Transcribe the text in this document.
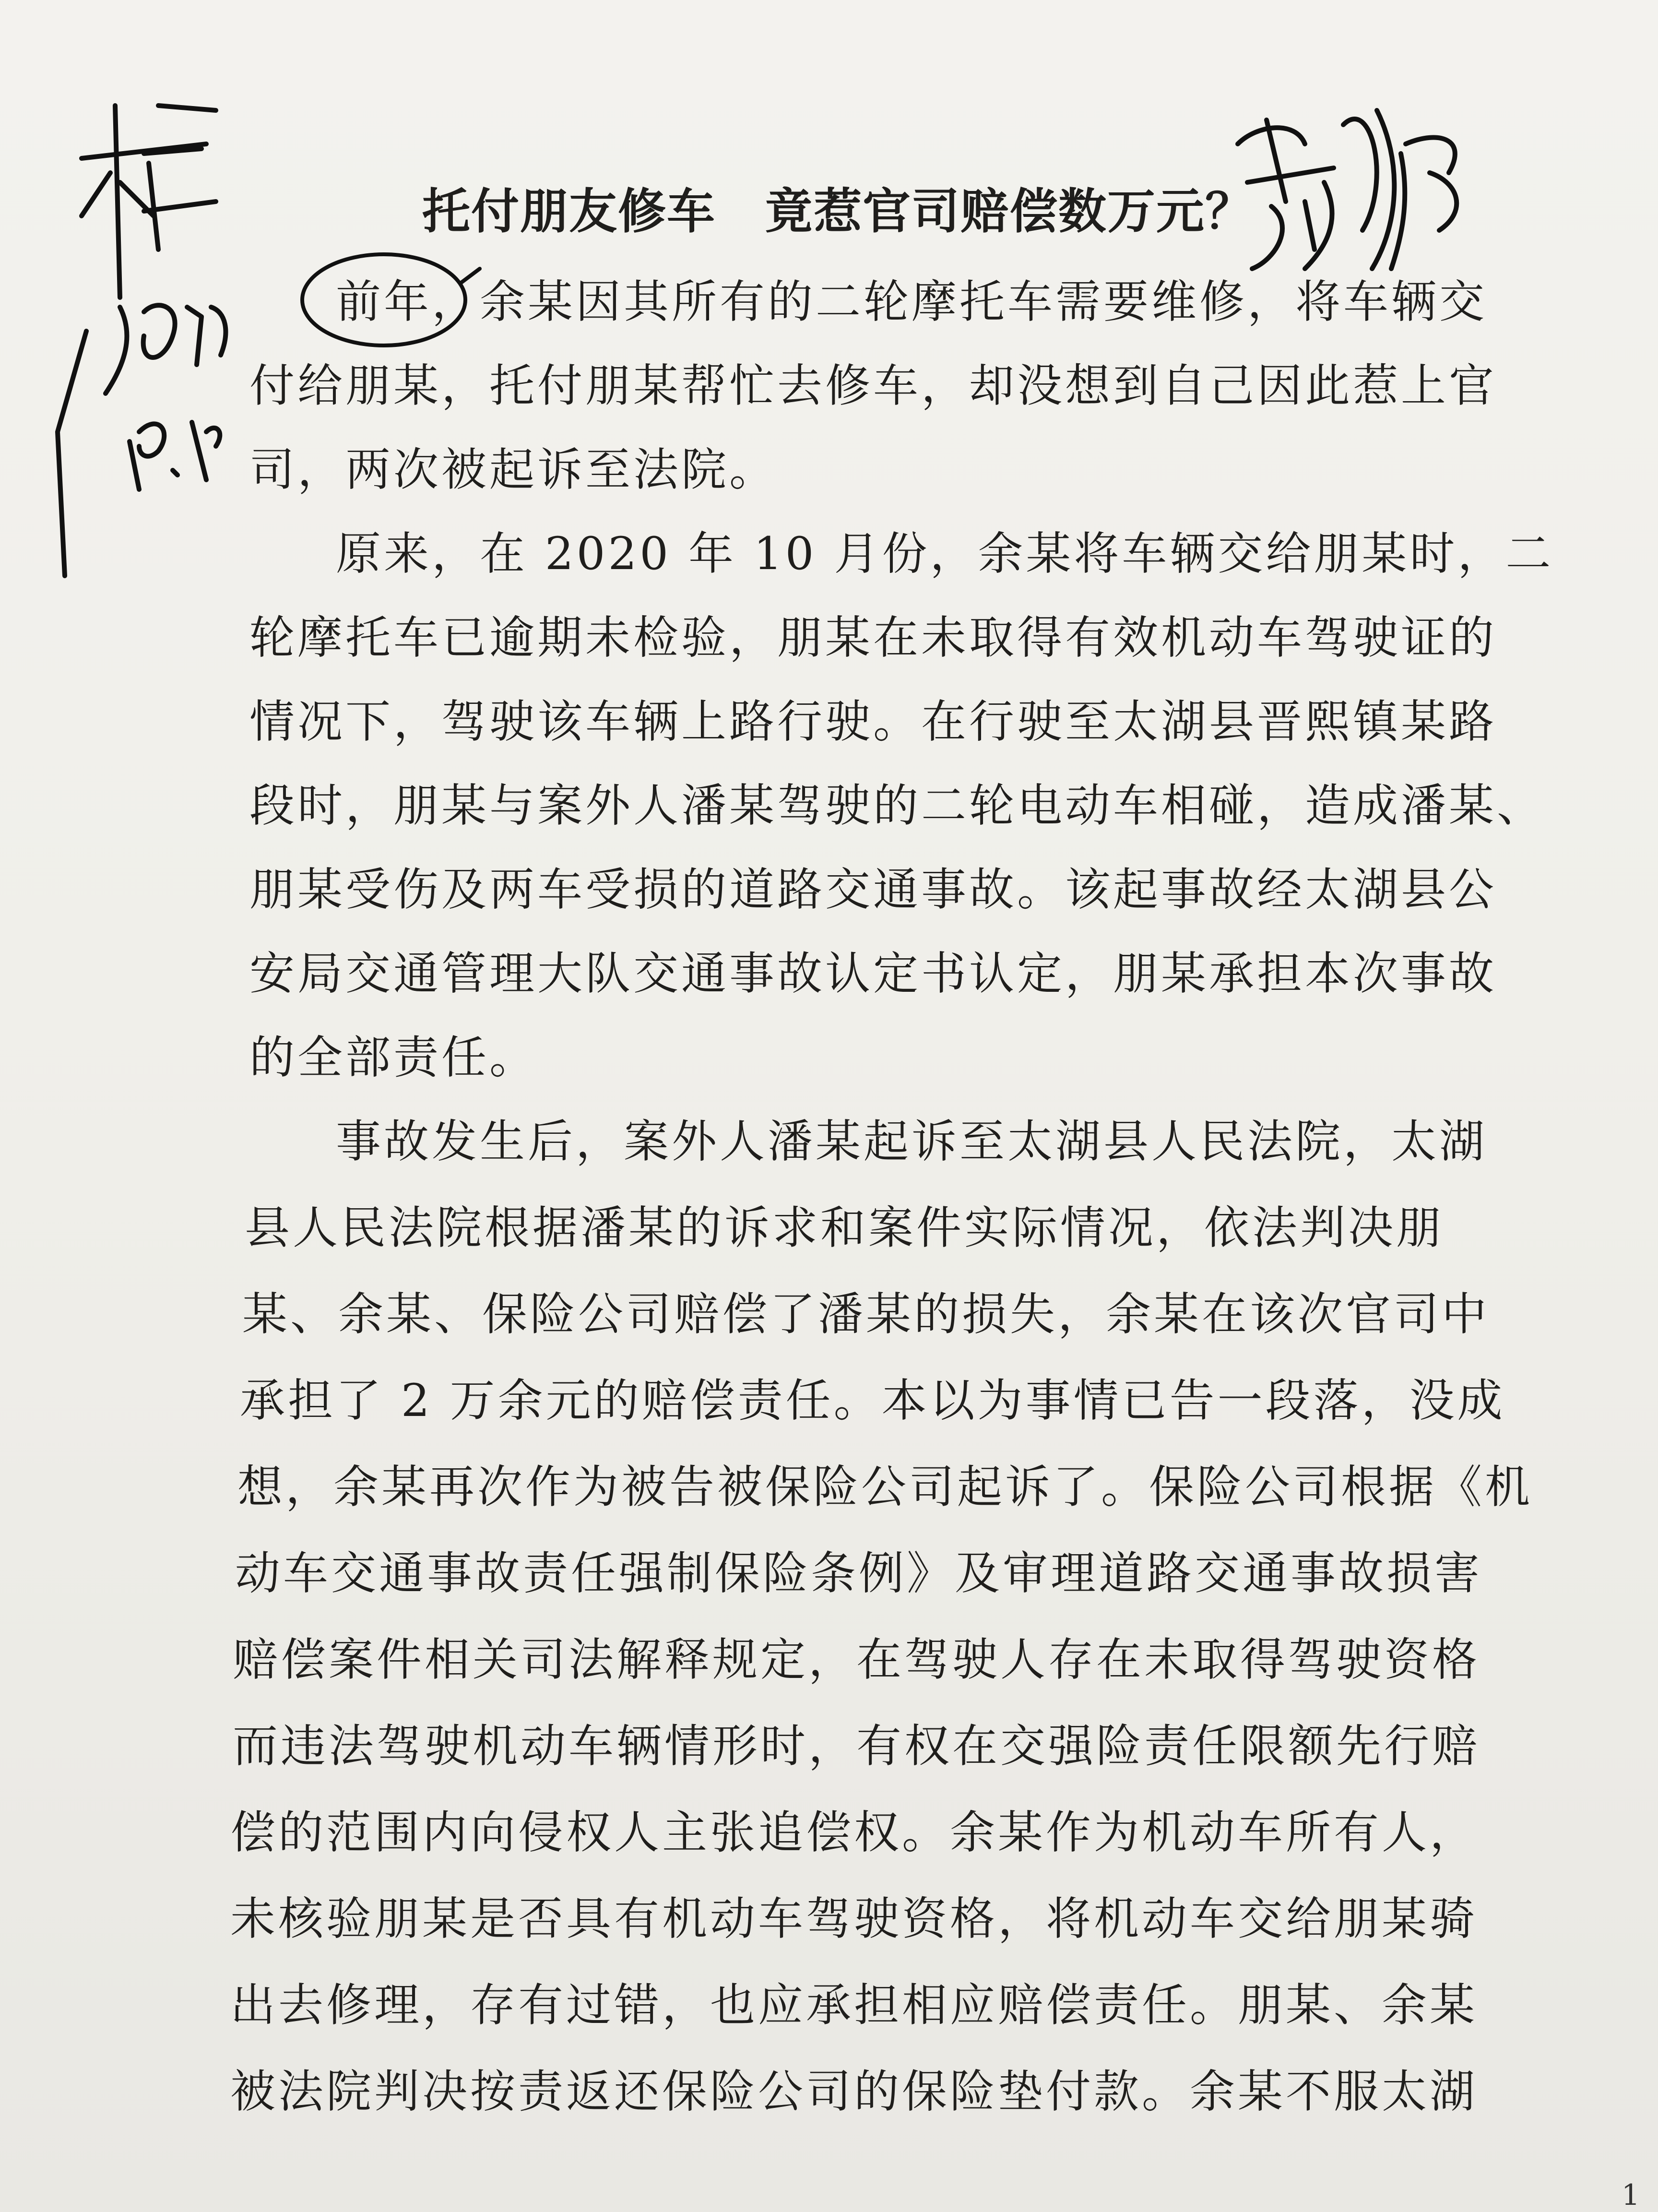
托付朋友修车　竟惹官司赔偿数万元？
前年，余某因其所有的二轮摩托车需要维修，将车辆交
付给朋某，托付朋某帮忙去修车，却没想到自己因此惹上官
司，两次被起诉至法院。
原来，在 2020 年 10 月份，余某将车辆交给朋某时，二
轮摩托车已逾期未检验，朋某在未取得有效机动车驾驶证的
情况下，驾驶该车辆上路行驶。在行驶至太湖县晋熙镇某路
段时，朋某与案外人潘某驾驶的二轮电动车相碰，造成潘某、
朋某受伤及两车受损的道路交通事故。该起事故经太湖县公
安局交通管理大队交通事故认定书认定，朋某承担本次事故
的全部责任。
事故发生后，案外人潘某起诉至太湖县人民法院，太湖
县人民法院根据潘某的诉求和案件实际情况，依法判决朋
某、余某、保险公司赔偿了潘某的损失，余某在该次官司中
承担了 2 万余元的赔偿责任。本以为事情已告一段落，没成
想，余某再次作为被告被保险公司起诉了。保险公司根据《机
动车交通事故责任强制保险条例》及审理道路交通事故损害
赔偿案件相关司法解释规定，在驾驶人存在未取得驾驶资格
而违法驾驶机动车辆情形时，有权在交强险责任限额先行赔
偿的范围内向侵权人主张追偿权。余某作为机动车所有人，
未核验朋某是否具有机动车驾驶资格，将机动车交给朋某骑
出去修理，存有过错，也应承担相应赔偿责任。朋某、余某
被法院判决按责返还保险公司的保险垫付款。余某不服太湖
1
